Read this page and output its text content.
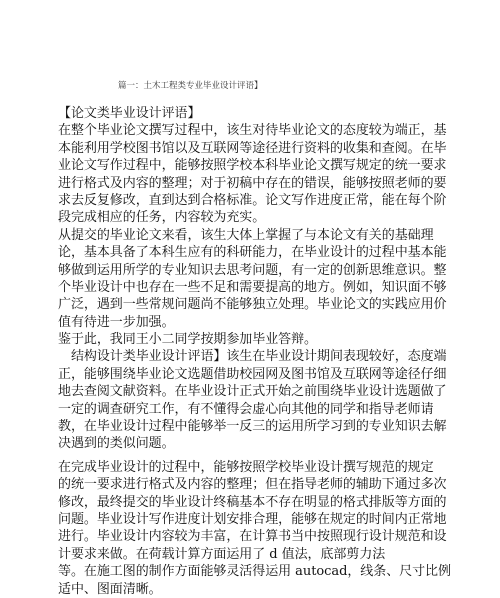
篇一：土木工程类专业毕业设计评语】
【论文类毕业设计评语】
在整个毕业论文撰写过程中，该生对待毕业论文的态度较为端正，基
本能利用学校图书馆以及互联网等途径进行资料的收集和查阅。在毕
业论文写作过程中，能够按照学校本科毕业论文撰写规定的统一要求
进行格式及内容的整理；对于初稿中存在的错误，能够按照老师的要
求去反复修改，直到达到合格标准。论文写作进度正常，能在每个阶
段完成相应的任务，内容较为充实。
从提交的毕业论文来看，该生大体上掌握了与本论文有关的基础理
论，基本具备了本科生应有的科研能力，在毕业设计的过程中基本能
够做到运用所学的专业知识去思考问题，有一定的创新思维意识。整
个毕业设计中也存在一些不足和需要提高的地方。例如，知识面不够
广泛，遇到一些常规问题尚不能够独立处理。毕业论文的实践应用价
值有待进一步加强。
鉴于此，我同王小二同学按期参加毕业答辩。
　结构设计类毕业设计评语】该生在毕业设计期间表现较好，态度端
正，能够围绕毕业论文选题借助校园网及图书馆及互联网等途径仔细
地去查阅文献资料。在毕业设计正式开始之前围绕毕业设计选题做了
一定的调查研究工作，有不懂得会虚心向其他的同学和指导老师请
教，在毕业设计过程中能够举一反三的运用所学习到的专业知识去解
决遇到的类似问题。
在完成毕业设计的过程中，能够按照学校毕业设计撰写规范的规定
的统一要求进行格式及内容的整理；但在指导老师的辅助下通过多次
修改，最终提交的毕业设计终稿基本不存在明显的格式排版等方面的
问题。毕业设计写作进度计划安排合理，能够在规定的时间内正常地
进行。毕业设计内容较为丰富，在计算书当中按照现行设计规范和设
计要求来做。在荷载计算方面运用了 d 值法，底部剪力法
等。在施工图的制作方面能够灵活得运用 autocad，线条、尺寸比例
适中、图面清晰。
